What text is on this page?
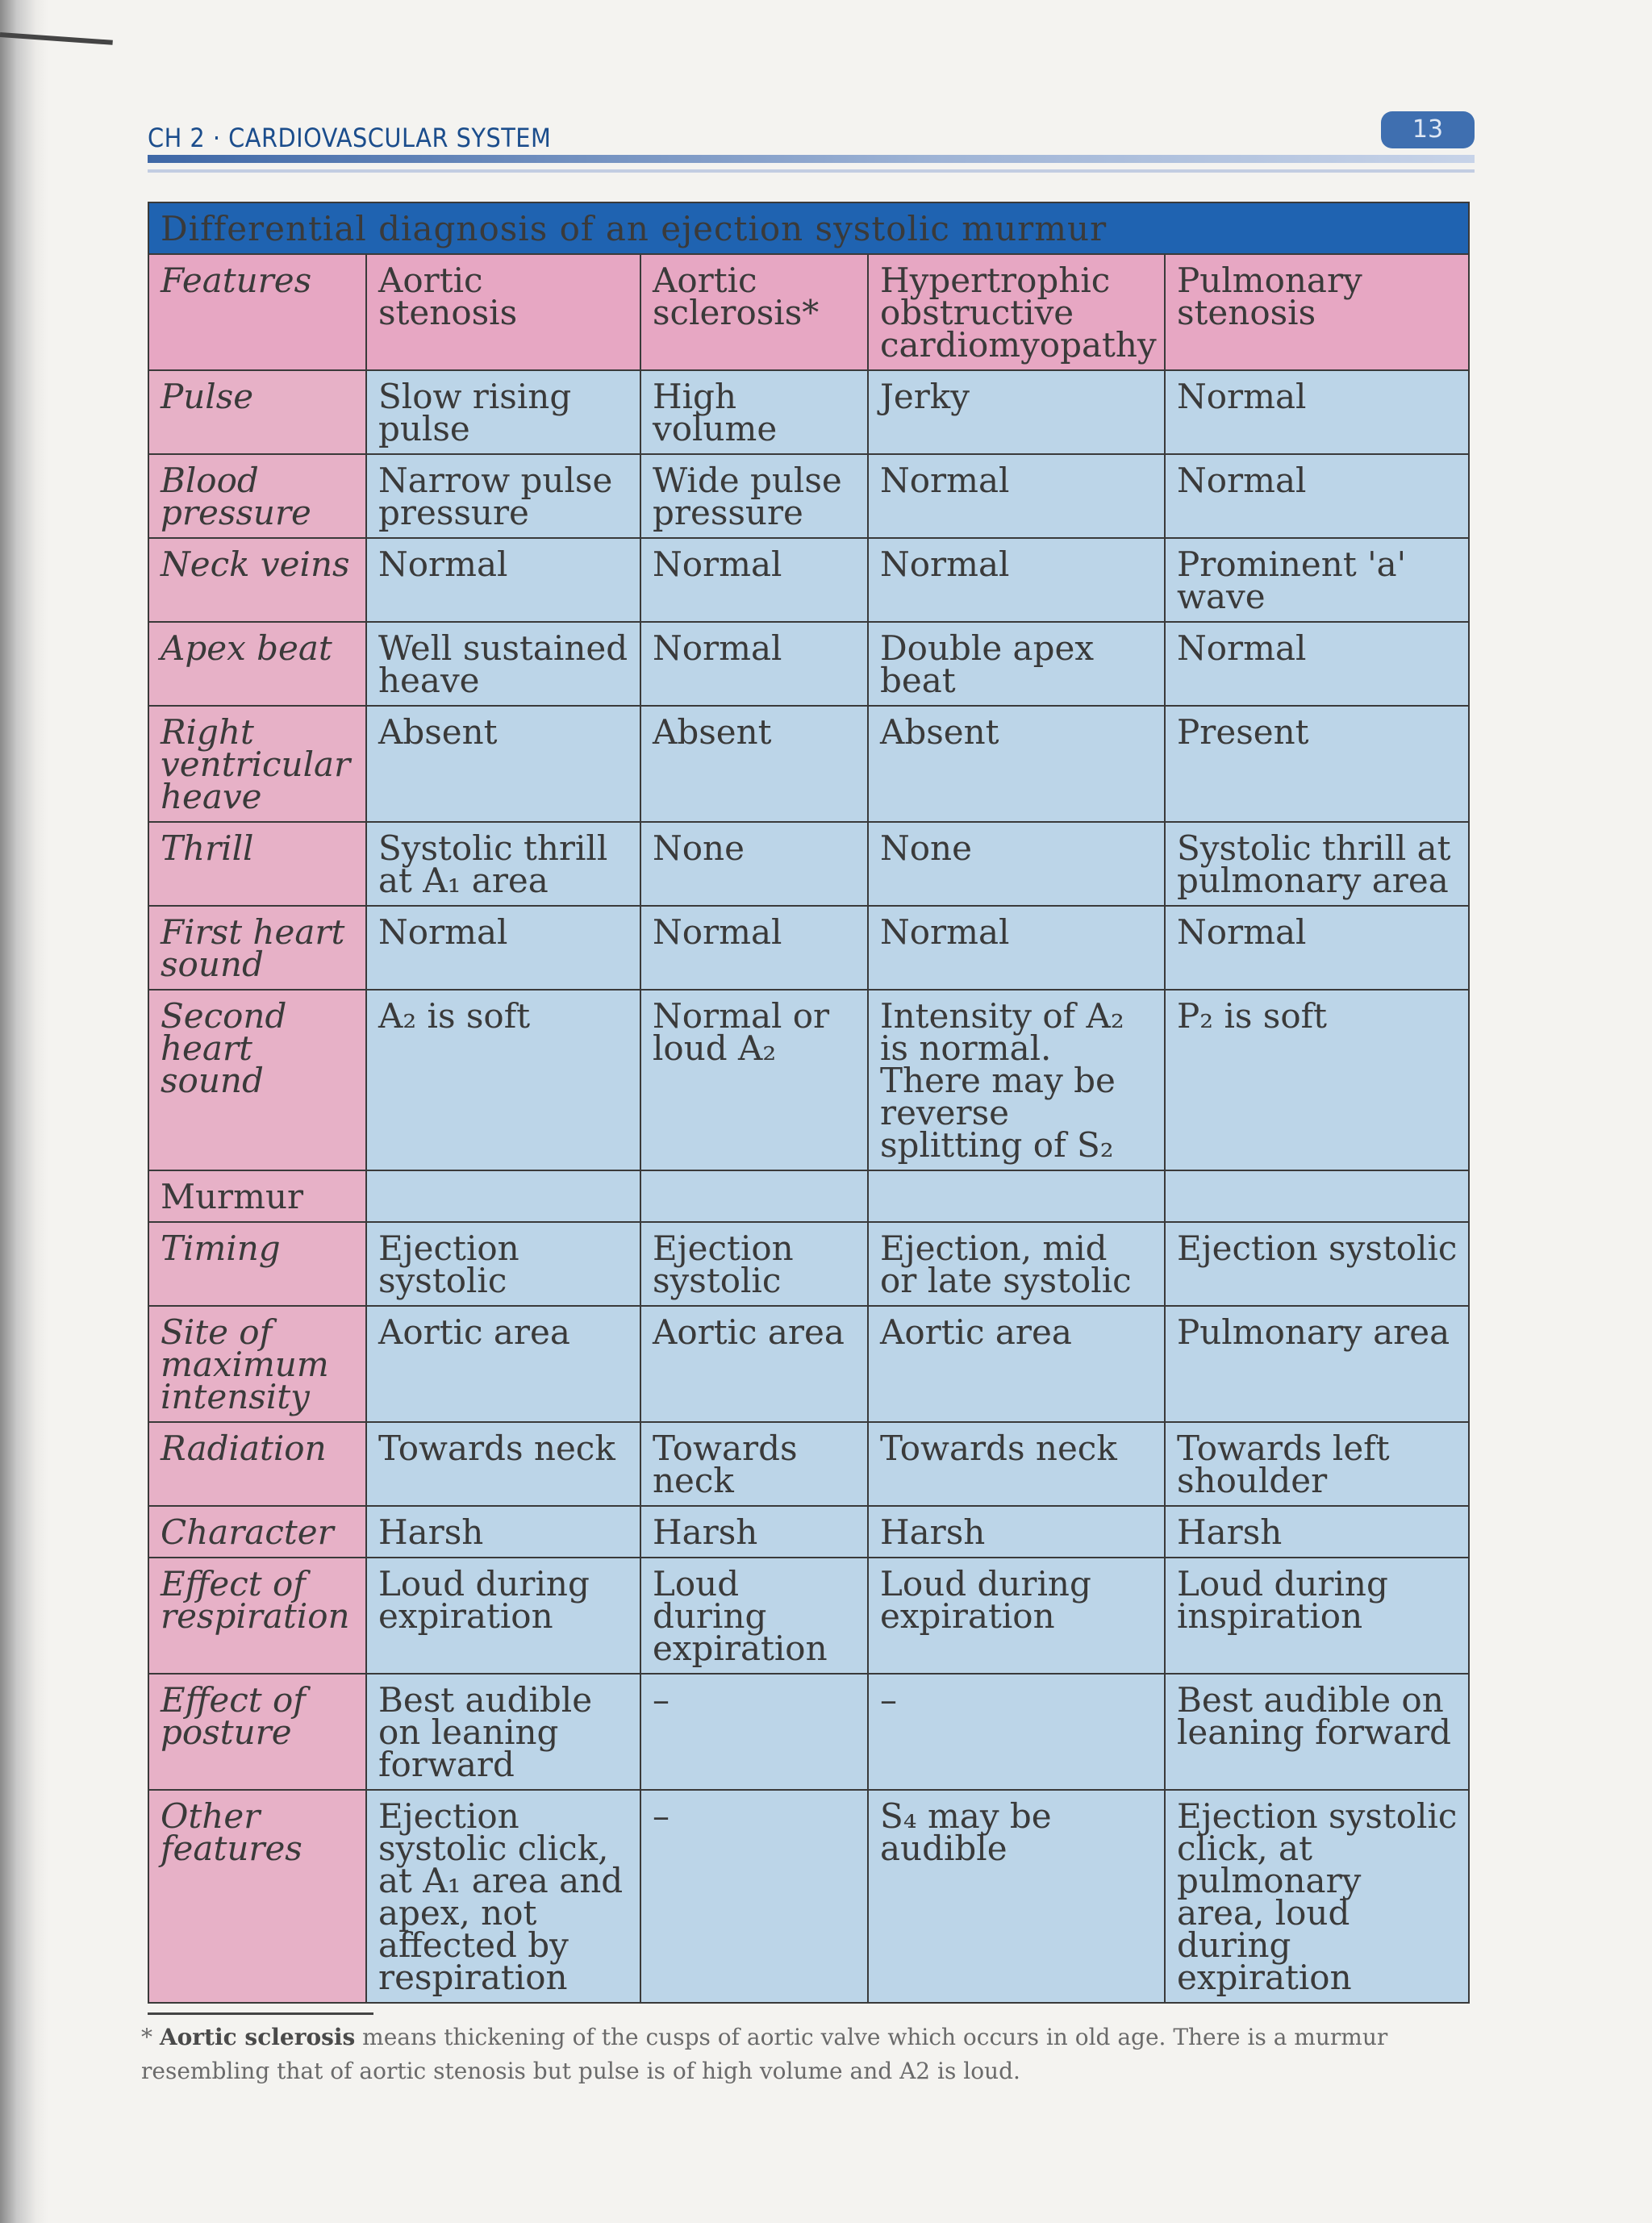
CH 2 · CARDIOVASCULAR SYSTEM	13
Differential diagnosis of an ejection systolic murmur				
Features	Aortic stenosis	Aortic sclerosis*	Hypertrophic obstructive cardiomyopathy	Pulmonary stenosis
Pulse	Slow rising pulse	High volume	Jerky	Normal
Blood pressure	Narrow pulse pressure	Wide pulse pressure	Normal	Normal
Neck veins	Normal	Normal	Normal	Prominent 'a' wave
Apex beat	Well sustained heave	Normal	Double apex beat	Normal
Right ventricular heave	Absent	Absent	Absent	Present
Thrill	Systolic thrill at A₁ area	None	None	Systolic thrill at pulmonary area
First heart sound	Normal	Normal	Normal	Normal
Second heart sound	A₂ is soft	Normal or loud A₂	Intensity of A₂ is normal. There may be reverse splitting of S₂	P₂ is soft
Murmur				
Timing	Ejection systolic	Ejection systolic	Ejection, mid or late systolic	Ejection systolic
Site of maximum intensity	Aortic area	Aortic area	Aortic area	Pulmonary area
Radiation	Towards neck	Towards neck	Towards neck	Towards left shoulder
Character	Harsh	Harsh	Harsh	Harsh
Effect of respiration	Loud during expiration	Loud during expiration	Loud during expiration	Loud during inspiration
Effect of posture	Best audible on leaning forward	–	–	Best audible on leaning forward
Other features	Ejection systolic click, at A₁ area and apex, not affected by respiration	–	S₄ may be audible	Ejection systolic click, at pulmonary area, loud during expiration
* Aortic sclerosis means thickening of the cusps of aortic valve which occurs in old age. There is a murmur resembling that of aortic stenosis but pulse is of high volume and A2 is loud.
